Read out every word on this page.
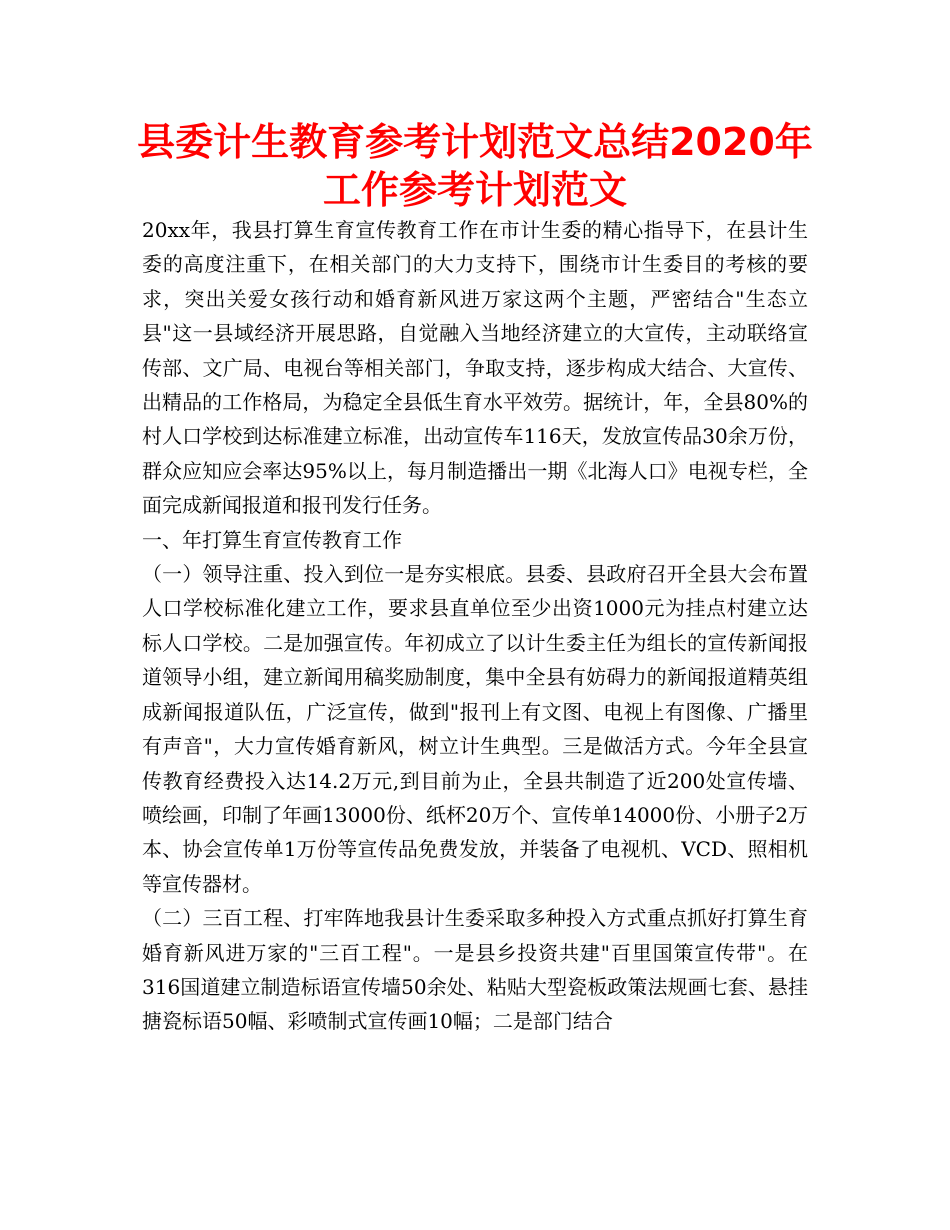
县委计生教育参考计划范文总结2020年工作参考计划范文

20xx年，我县打算生育宣传教育工作在市计生委的精心指导下，在县计生委的高度注重下，在相关部门的大力支持下，围绕市计生委目的考核的要求，突出关爱女孩行动和婚育新风进万家这两个主题，严密结合"生态立县"这一县域经济开展思路，自觉融入当地经济建立的大宣传，主动联络宣传部、文广局、电视台等相关部门，争取支持，逐步构成大结合、大宣传、出精品的工作格局，为稳定全县低生育水平效劳。据统计，年，全县80%的村人口学校到达标准建立标准，出动宣传车116天，发放宣传品30余万份，群众应知应会率达95%以上，每月制造播出一期《北海人口》电视专栏，全面完成新闻报道和报刊发行任务。

一、年打算生育宣传教育工作

（一）领导注重、投入到位一是夯实根底。县委、县政府召开全县大会布置人口学校标准化建立工作，要求县直单位至少出资1000元为挂点村建立达标人口学校。二是加强宣传。年初成立了以计生委主任为组长的宣传新闻报道领导小组，建立新闻用稿奖励制度，集中全县有妨碍力的新闻报道精英组成新闻报道队伍，广泛宣传，做到"报刊上有文图、电视上有图像、广播里有声音"，大力宣传婚育新风，树立计生典型。三是做活方式。今年全县宣传教育经费投入达14.2万元,到目前为止，全县共制造了近200处宣传墙、喷绘画，印制了年画13000份、纸杯20万个、宣传单14000份、小册子2万本、协会宣传单1万份等宣传品免费发放，并装备了电视机、VCD、照相机等宣传器材。

（二）三百工程、打牢阵地我县计生委采取多种投入方式重点抓好打算生育婚育新风进万家的"三百工程"。一是县乡投资共建"百里国策宣传带"。在316国道建立制造标语宣传墙50余处、粘贴大型瓷板政策法规画七套、悬挂搪瓷标语50幅、彩喷制式宣传画10幅；二是部门结合
